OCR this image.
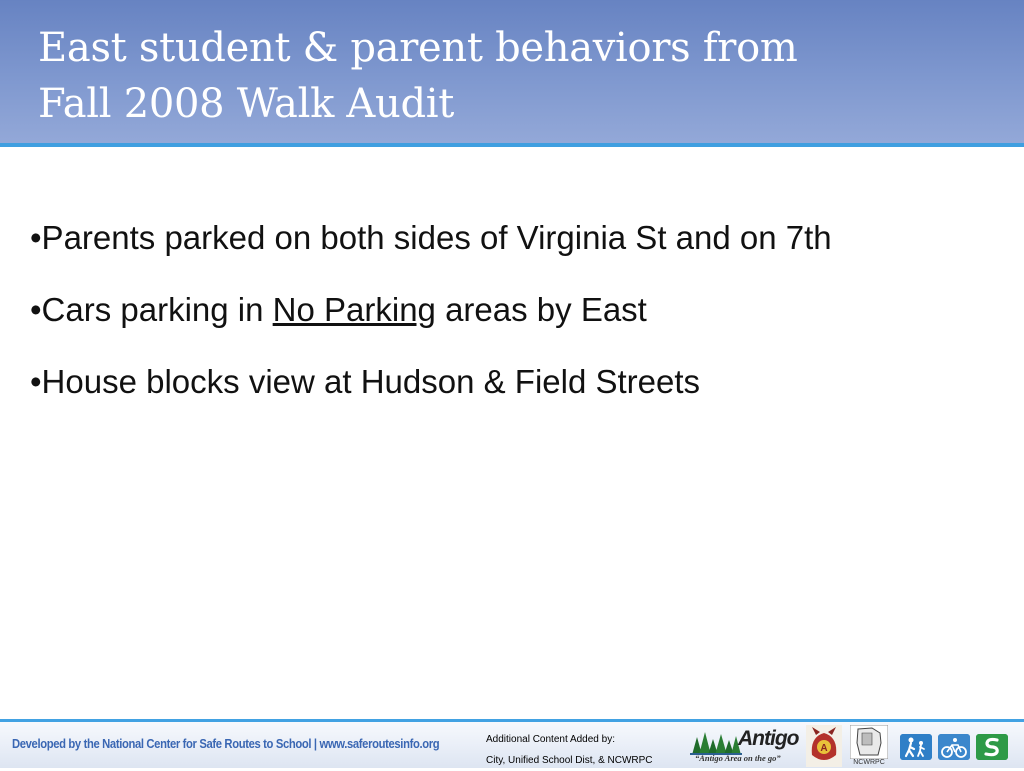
East student & parent behaviors from
Fall 2008 Walk Audit
•Parents parked on both sides of Virginia St and on 7th
•Cars parking in No Parking areas by East
•House blocks view at Hudson & Field Streets
Developed by the National Center for Safe Routes to School | www.saferoutesinfo.org	Additional Content Added by:
City, Unified School Dist, & NCWRPC
Antigo
“Antigo Area on the go”
A
NCWRPC
